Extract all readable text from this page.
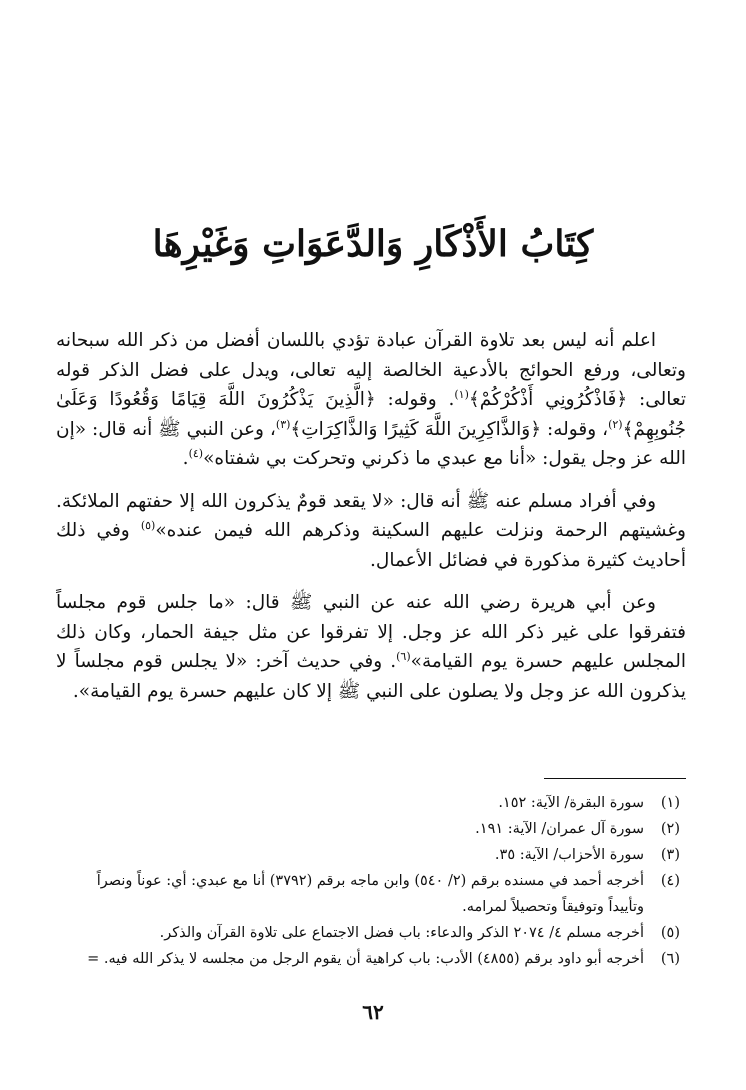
كِتَابُ الأَذْكَارِ وَالدَّعَوَاتِ وَغَيْرِهَا

اعلم أنه ليس بعد تلاوة القرآن عبادة تؤدي باللسان أفضل من ذكر الله سبحانه وتعالى، ورفع الحوائج بالأدعية الخالصة إليه تعالى، ويدل على فضل الذكر قوله تعالى: ﴿فَاذْكُرُونِي أَذْكُرْكُمْ﴾$^{(١)}$. وقوله: ﴿الَّذِينَ يَذْكُرُونَ اللَّهَ قِيَامًا وَقُعُودًا وَعَلَىٰ جُنُوبِهِمْ﴾$^{(٢)}$، وقوله: ﴿وَالذَّاكِرِينَ اللَّهَ كَثِيرًا وَالذَّاكِرَاتِ﴾$^{(٣)}$، وعن النبي ﷺ أنه قال: «إن الله عز وجل يقول: «أنا مع عبدي ما ذكرني وتحركت بي شفتاه»$^{(٤)}$.

وفي أفراد مسلم عنه ﷺ أنه قال: «لا يقعد قومٌ يذكرون الله إلا حفتهم الملائكة. وغشيتهم الرحمة ونزلت عليهم السكينة وذكرهم الله فيمن عنده»$^{(٥)}$ وفي ذلك أحاديث كثيرة مذكورة في فضائل الأعمال.

وعن أبي هريرة رضي الله عنه عن النبي ﷺ قال: «ما جلس قوم مجلساً فتفرقوا على غير ذكر الله عز وجل. إلا تفرقوا عن مثل جيفة الحمار، وكان ذلك المجلس عليهم حسرة يوم القيامة»$^{(٦)}$. وفي حديث آخر: «لا يجلس قوم مجلساً لا يذكرون الله عز وجل ولا يصلون على النبي ﷺ إلا كان عليهم حسرة يوم القيامة».

(١)
سورة البقرة/ الآية: ١٥٢.
(٢)
سورة آل عمران/ الآية: ١٩١.
(٣)
سورة الأحزاب/ الآية: ٣٥.
(٤)
أخرجه أحمد في مسنده برقم (٢/ ٥٤٠) وابن ماجه برقم (٣٧٩٢) أنا مع عبدي: أي: عوناً ونصراً وتأييداً وتوفيقاً وتحصيلاً لمرامه.
(٥)
أخرجه مسلم ٤/ ٢٠٧٤ الذكر والدعاء: باب فضل الاجتماع على تلاوة القرآن والذكر.
(٦)
أخرجه أبو داود برقم (٤٨٥٥) الأدب: باب كراهية أن يقوم الرجل من مجلسه لا يذكر الله فيه. =
٦٢
